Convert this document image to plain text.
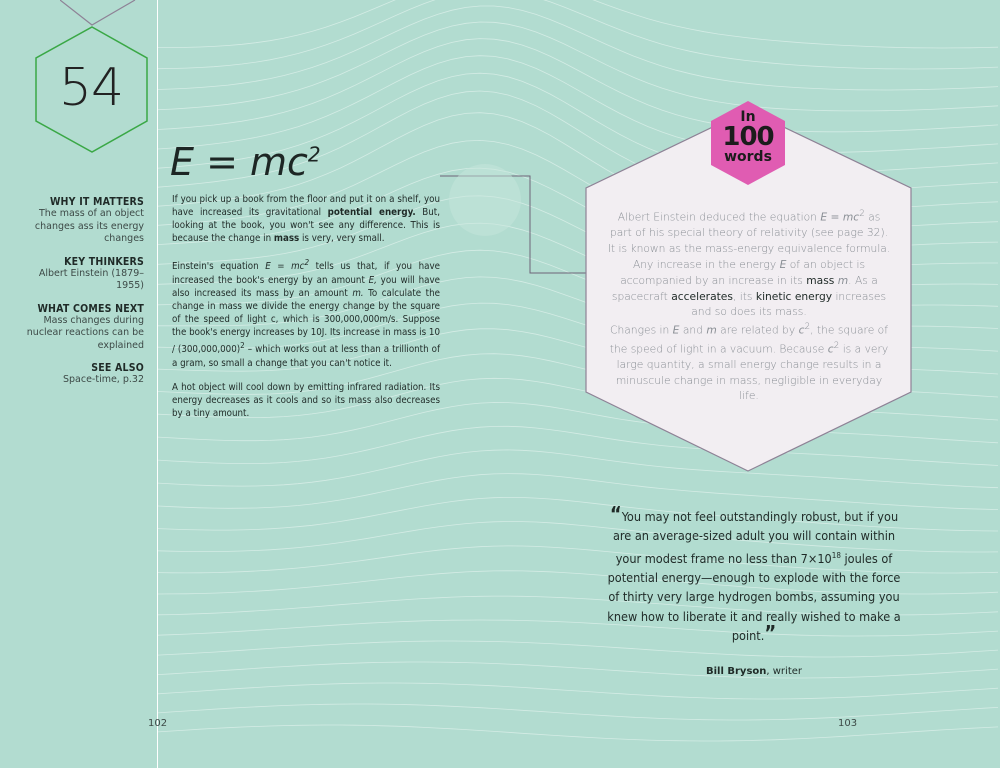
54
WHY IT MATTERS
The mass of an object changes ass its energy changes
KEY THINKERS
Albert Einstein (1879–1955)
WHAT COMES NEXT
Mass changes during nuclear reactions can be explained
SEE ALSO
Space-time, p.32
$E = mc^2$

If you pick up a book from the floor and put it on a shelf, you have increased its gravitational potential energy. But, looking at the book, you won't see any difference. This is because the change in mass is very, very small.

Einstein's equation $E = mc^2$ tells us that, if you have increased the book's energy by an amount E, you will have also increased its mass by an amount m. To calculate the change in mass we divide the energy change by the square of the speed of light c, which is 300,000,000m/s. Suppose the book's energy increases by 10J. Its increase in mass is $10 / (300,000,000)^2$ – which works out at less than a trillionth of a gram, so small a change that you can't notice it.

A hot object will cool down by emitting infrared radiation. Its energy decreases as it cools and so its mass also decreases by a tiny amount.

In
100
words
Albert Einstein deduced the equation $E = mc^2$ as part of his special theory of relativity (see page 32). It is known as the mass-energy equivalence formula.
Any increase in the energy E of an object is accompanied by an increase in its mass m. As a spacecraft accelerates, its kinetic energy increases and so does its mass.
Changes in E and m are related by $c^2$, the square of the speed of light in a vacuum. Because $c^2$ is a very large quantity, a small energy change results in a minuscule change in mass, negligible in everyday life.
“You may not feel outstandingly robust, but if you are an average-sized adult you will contain within your modest frame no less than $7\times 10^{18}$ joules of potential energy—enough to explode with the force of thirty very large hydrogen bombs, assuming you knew how to liberate it and really wished to make a point.”
Bill Bryson, writer
102	103
